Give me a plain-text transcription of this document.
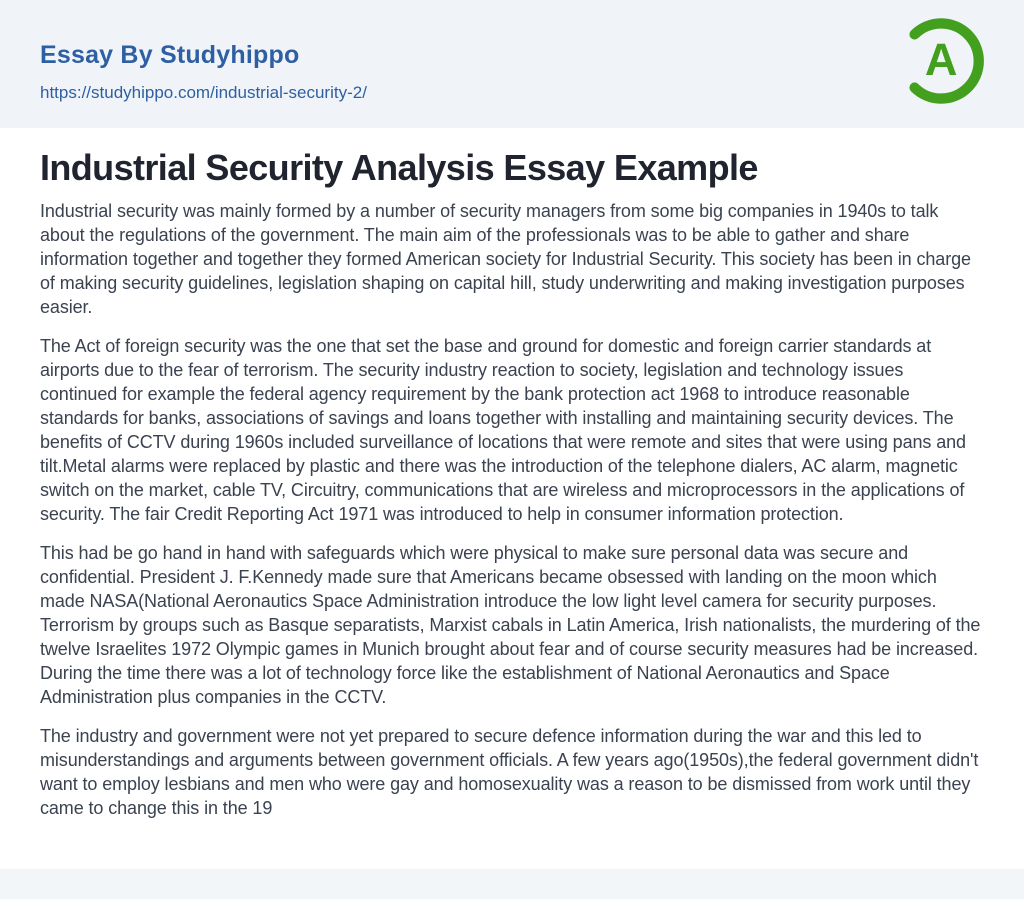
Essay By Studyhippo
https://studyhippo.com/industrial-security-2/
A
Industrial Security Analysis Essay Example

Industrial security was mainly formed by a number of security managers from some big companies in 1940s to talk about the regulations of the government. The main aim of the professionals was to be able to gather and share information together and together they formed American society for Industrial Security. This society has been in charge of making security guidelines, legislation shaping on capital hill, study underwriting and making investigation purposes easier.

The Act of foreign security was the one that set the base and ground for domestic and foreign carrier standards at airports due to the fear of terrorism. The security industry reaction to society, legislation and technology issues continued for example the federal agency requirement by the bank protection act 1968 to introduce reasonable standards for banks, associations of savings and loans together with installing and maintaining security devices. The benefits of CCTV during 1960s included surveillance of locations that were remote and sites that were using pans and tilt.Metal alarms were replaced by plastic and there was the introduction of the telephone dialers, AC alarm, magnetic switch on the market, cable TV, Circuitry, communications that are wireless and microprocessors in the applications of security. The fair Credit Reporting Act 1971 was introduced to help in consumer information protection.

This had be go hand in hand with safeguards which were physical to make sure personal data was secure and confidential. President J. F.Kennedy made sure that Americans became obsessed with landing on the moon which made NASA(National Aeronautics Space Administration introduce the low light level camera for security purposes. Terrorism by groups such as Basque separatists, Marxist cabals in Latin America, Irish nationalists, the murdering of the twelve Israelites 1972 Olympic games in Munich brought about fear and of course security measures had be increased. During the time there was a lot of technology force like the establishment of National Aeronautics and Space Administration plus companies in the CCTV.

The industry and government were not yet prepared to secure defence information during the war and this led to misunderstandings and arguments between government officials. A few years ago(1950s),the federal government didn't want to employ lesbians and men who were gay and homosexuality was a reason to be dismissed from work until they came to change this in the 19
